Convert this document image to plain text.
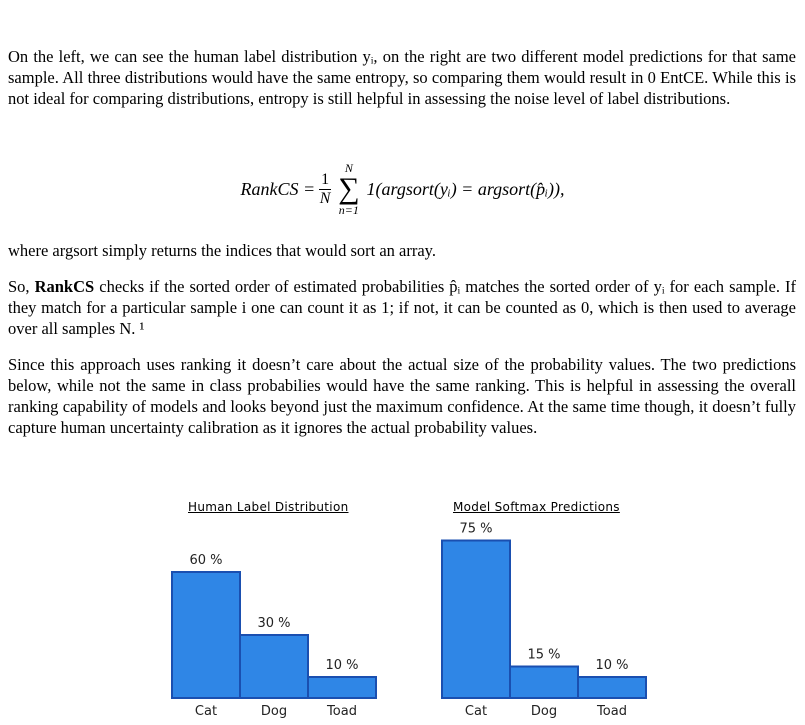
On the left, we can see the human label distribution yᵢ, on the right are two different model predictions for that same sample. All three distributions would have the same entropy, so comparing them would result in 0 EntCE. While this is not ideal for comparing distributions, entropy is still helpful in assessing the noise level of label distributions.
RankCS = $\frac{1}{N}$
N
∑
n=1
1(argsort(yᵢ) = argsort(p̂ᵢ)),
where argsort simply returns the indices that would sort an array.
So, RankCS checks if the sorted order of estimated probabilities p̂ᵢ matches the sorted order of yᵢ for each sample. If they match for a particular sample i one can count it as 1; if not, it can be counted as 0, which is then used to average over all samples N. ¹
Since this approach uses ranking it doesn’t care about the actual size of the probability values. The two predictions below, while not the same in class probabilies would have the same ranking. This is helpful in assessing the overall ranking capability of models and looks beyond just the maximum confidence. At the same time though, it doesn’t fully capture human uncertainty calibration as it ignores the actual probability values.
Human Label Distribution	Model Softmax Predictions
60 %
Cat
30 %
Dog
10 %
Toad
75 %
Cat
15 %
Dog
10 %
Toad
